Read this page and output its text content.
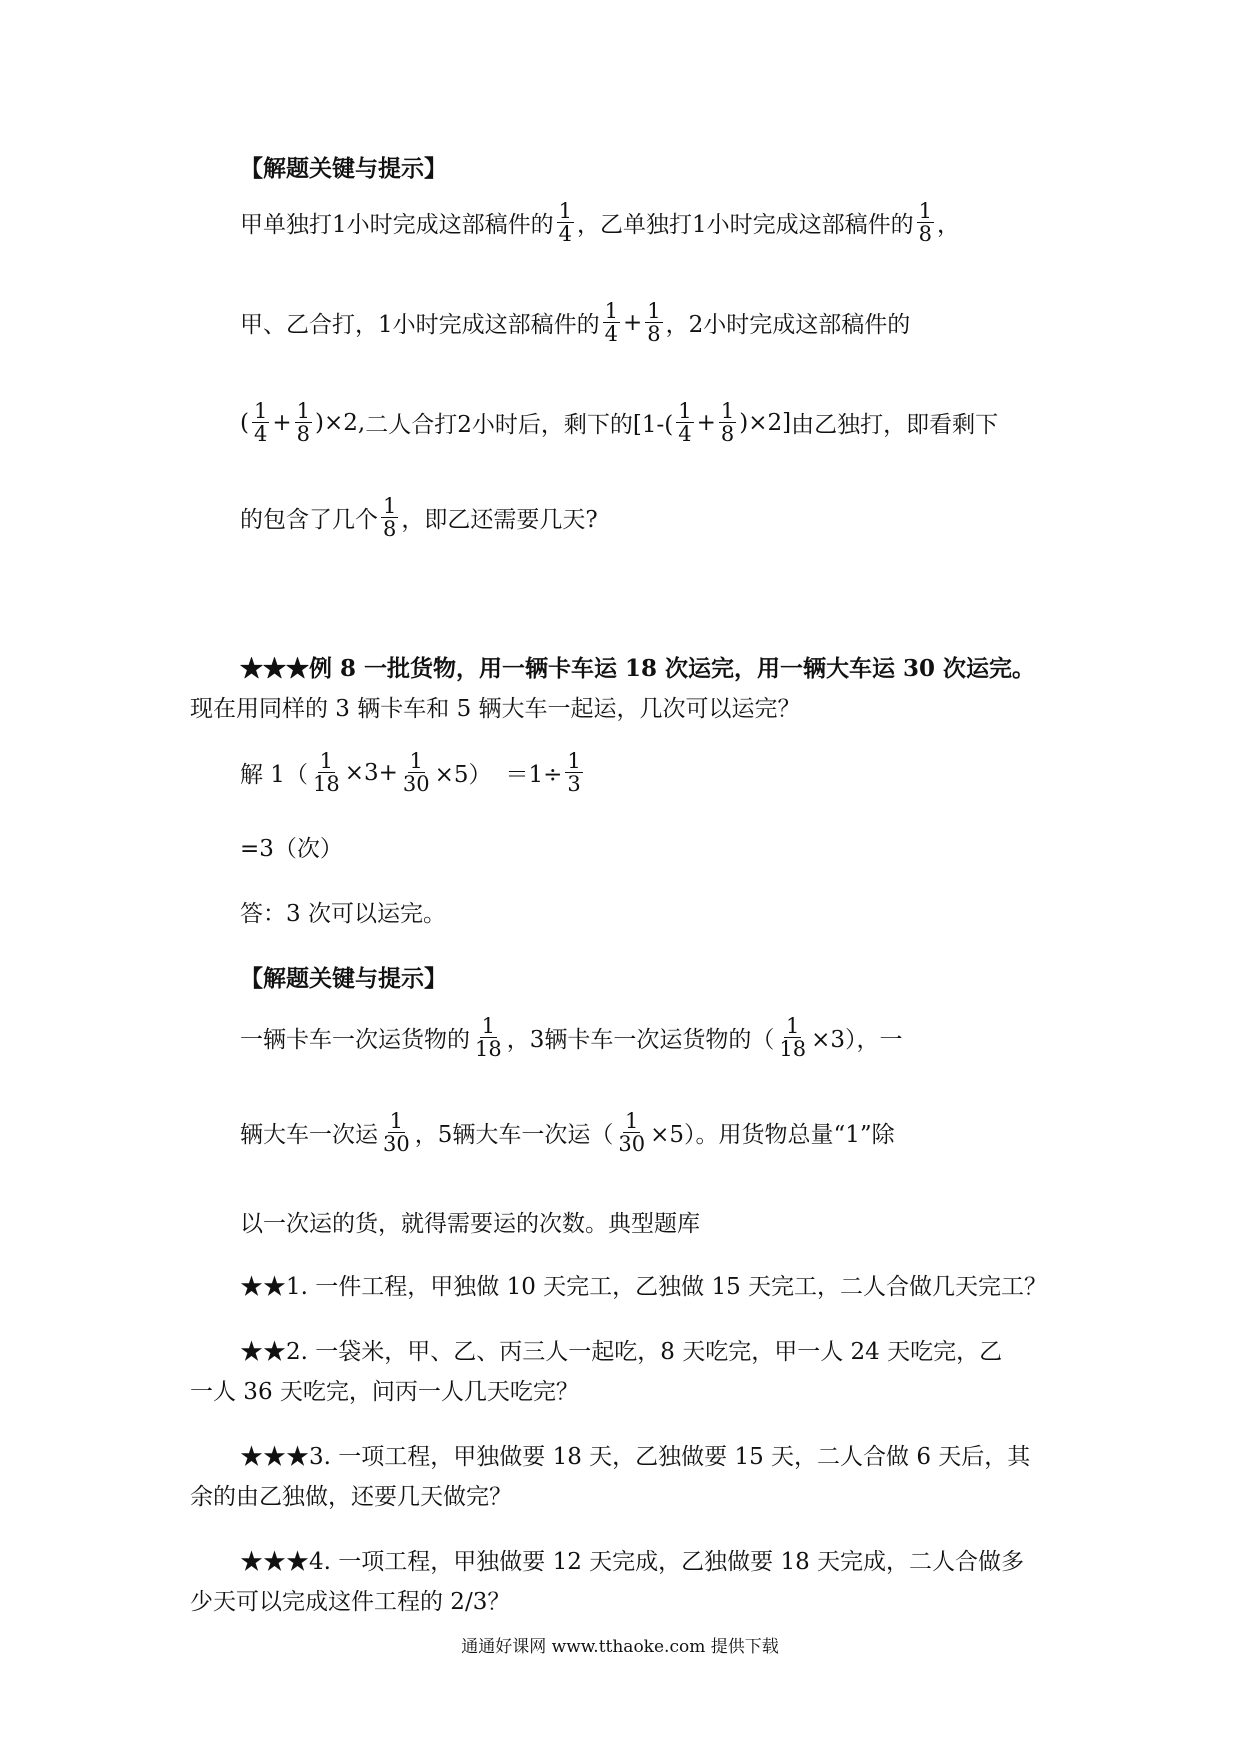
【解题关键与提示】
甲单独打1小时完成这部稿件的 $\frac{1}{4}$ ，乙单独打1小时完成这部稿件的 $\frac{1}{8}$ ，
甲、乙合打，1小时完成这部稿件的 $\frac{1}{4} + \frac{1}{8}$ ，2小时完成这部稿件的
( $\frac{1}{4} + \frac{1}{8} )\times 2$, 二人合打2小时后，剩下的$[1-( \frac{1}{4} + \frac{1}{8} )\times 2]$ 由乙独打，即看剩下
的包含了几个 $\frac{1}{8}$ ，即乙还需要几天?
★★★例 8 一批货物，用一辆卡车运 18 次运完，用一辆大车运 30 次运完。
现在用同样的 3 辆卡车和 5 辆大车一起运，几次可以运完？
解 $1( \frac{1}{18} \times 3+ \frac{1}{30} \times 5) =1\div \frac{1}{3}$
=3（次）
答：3 次可以运完。
【解题关键与提示】
一辆卡车一次运货物的 $\frac{1}{18}$ ，3辆卡车一次运货物的（ $\frac{1}{18} \times 3$），一
辆大车一次运 $\frac{1}{30}$ ，5辆大车一次运（ $\frac{1}{30} \times 5$）。用货物总量“1”除
以一次运的货，就得需要运的次数。典型题库
★★1. 一件工程，甲独做 10 天完工，乙独做 15 天完工，二人合做几天完工？
★★2. 一袋米，甲、乙、丙三人一起吃，8 天吃完，甲一人 24 天吃完，乙
一人 36 天吃完，问丙一人几天吃完？
★★★3. 一项工程，甲独做要 18 天，乙独做要 15 天，二人合做 6 天后，其
余的由乙独做，还要几天做完？
★★★4. 一项工程，甲独做要 12 天完成，乙独做要 18 天完成，二人合做多
少天可以完成这件工程的 2/3？
通通好课网 www.tthaoke.com 提供下载
